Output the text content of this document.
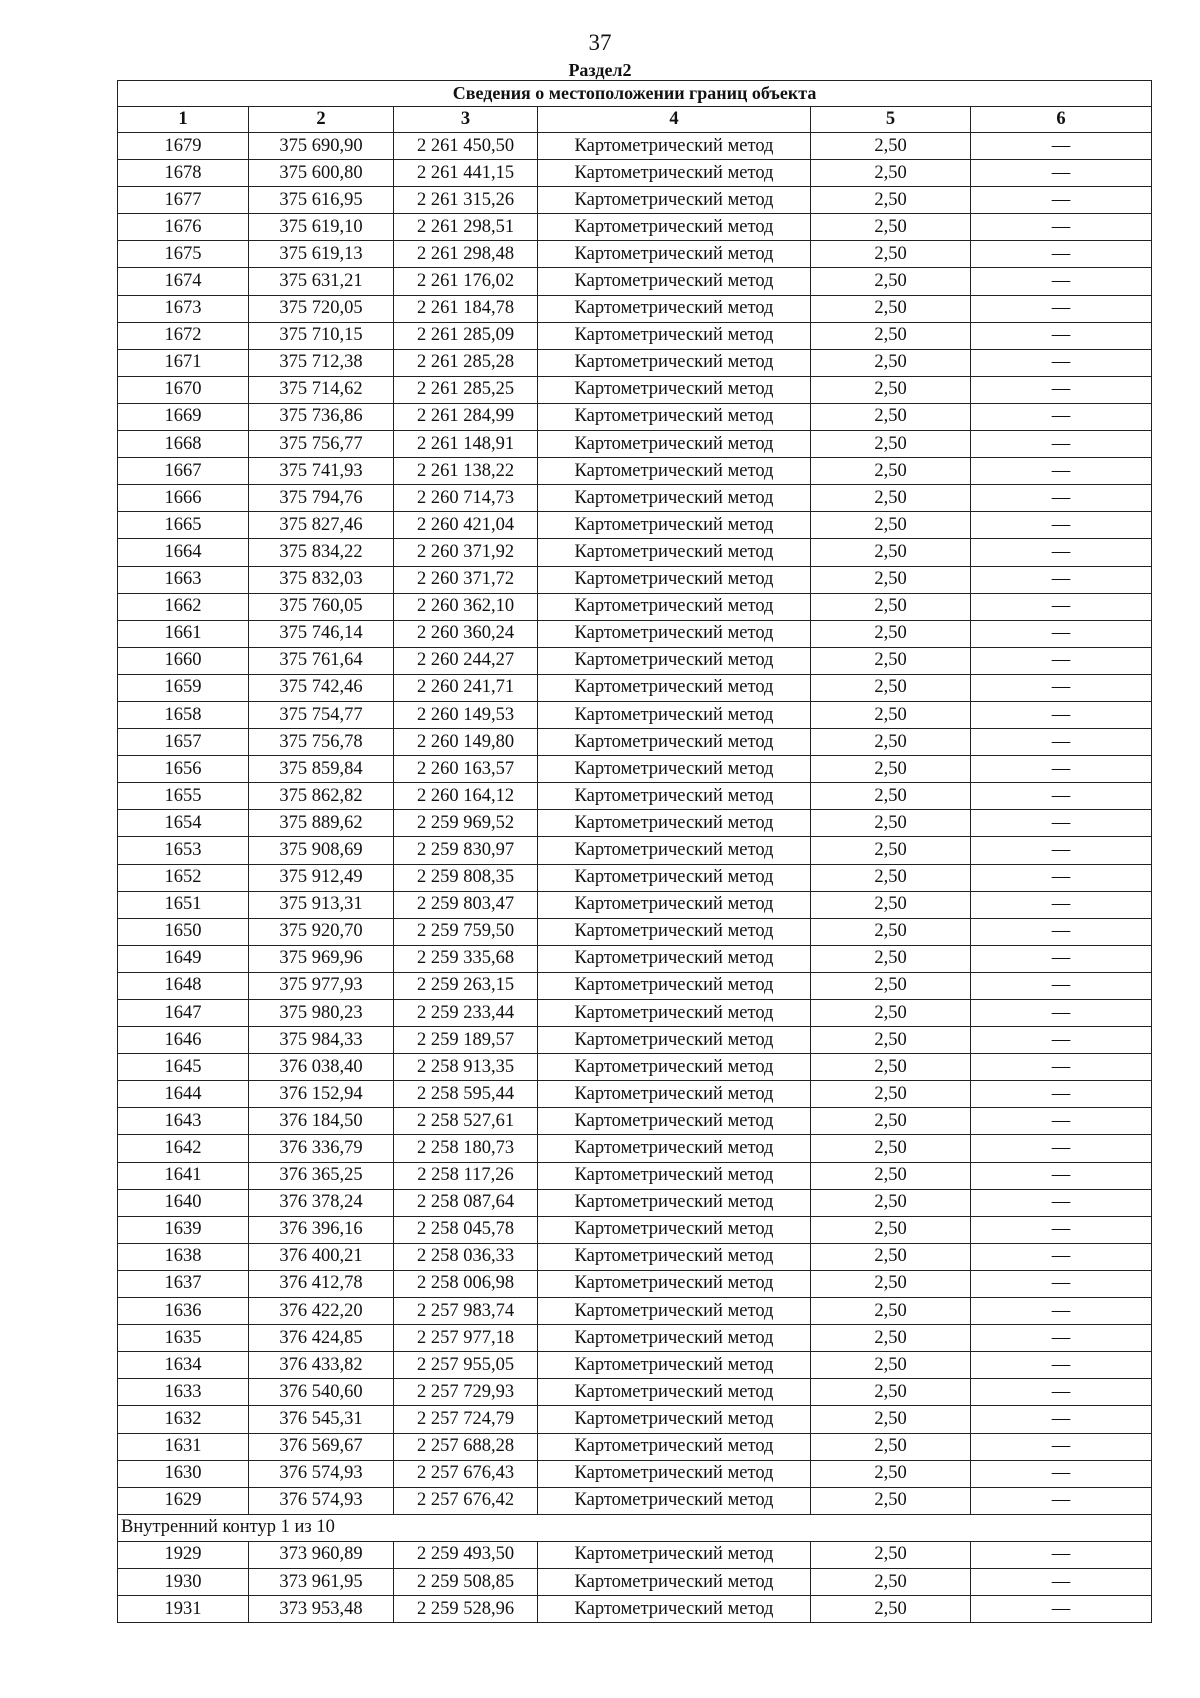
37
Раздел2
Сведения о местоположении границ объекта					
1	2	3	4	5	6
1679	375 690,90	2 261 450,50	Картометрический метод	2,50	—
1678	375 600,80	2 261 441,15	Картометрический метод	2,50	—
1677	375 616,95	2 261 315,26	Картометрический метод	2,50	—
1676	375 619,10	2 261 298,51	Картометрический метод	2,50	—
1675	375 619,13	2 261 298,48	Картометрический метод	2,50	—
1674	375 631,21	2 261 176,02	Картометрический метод	2,50	—
1673	375 720,05	2 261 184,78	Картометрический метод	2,50	—
1672	375 710,15	2 261 285,09	Картометрический метод	2,50	—
1671	375 712,38	2 261 285,28	Картометрический метод	2,50	—
1670	375 714,62	2 261 285,25	Картометрический метод	2,50	—
1669	375 736,86	2 261 284,99	Картометрический метод	2,50	—
1668	375 756,77	2 261 148,91	Картометрический метод	2,50	—
1667	375 741,93	2 261 138,22	Картометрический метод	2,50	—
1666	375 794,76	2 260 714,73	Картометрический метод	2,50	—
1665	375 827,46	2 260 421,04	Картометрический метод	2,50	—
1664	375 834,22	2 260 371,92	Картометрический метод	2,50	—
1663	375 832,03	2 260 371,72	Картометрический метод	2,50	—
1662	375 760,05	2 260 362,10	Картометрический метод	2,50	—
1661	375 746,14	2 260 360,24	Картометрический метод	2,50	—
1660	375 761,64	2 260 244,27	Картометрический метод	2,50	—
1659	375 742,46	2 260 241,71	Картометрический метод	2,50	—
1658	375 754,77	2 260 149,53	Картометрический метод	2,50	—
1657	375 756,78	2 260 149,80	Картометрический метод	2,50	—
1656	375 859,84	2 260 163,57	Картометрический метод	2,50	—
1655	375 862,82	2 260 164,12	Картометрический метод	2,50	—
1654	375 889,62	2 259 969,52	Картометрический метод	2,50	—
1653	375 908,69	2 259 830,97	Картометрический метод	2,50	—
1652	375 912,49	2 259 808,35	Картометрический метод	2,50	—
1651	375 913,31	2 259 803,47	Картометрический метод	2,50	—
1650	375 920,70	2 259 759,50	Картометрический метод	2,50	—
1649	375 969,96	2 259 335,68	Картометрический метод	2,50	—
1648	375 977,93	2 259 263,15	Картометрический метод	2,50	—
1647	375 980,23	2 259 233,44	Картометрический метод	2,50	—
1646	375 984,33	2 259 189,57	Картометрический метод	2,50	—
1645	376 038,40	2 258 913,35	Картометрический метод	2,50	—
1644	376 152,94	2 258 595,44	Картометрический метод	2,50	—
1643	376 184,50	2 258 527,61	Картометрический метод	2,50	—
1642	376 336,79	2 258 180,73	Картометрический метод	2,50	—
1641	376 365,25	2 258 117,26	Картометрический метод	2,50	—
1640	376 378,24	2 258 087,64	Картометрический метод	2,50	—
1639	376 396,16	2 258 045,78	Картометрический метод	2,50	—
1638	376 400,21	2 258 036,33	Картометрический метод	2,50	—
1637	376 412,78	2 258 006,98	Картометрический метод	2,50	—
1636	376 422,20	2 257 983,74	Картометрический метод	2,50	—
1635	376 424,85	2 257 977,18	Картометрический метод	2,50	—
1634	376 433,82	2 257 955,05	Картометрический метод	2,50	—
1633	376 540,60	2 257 729,93	Картометрический метод	2,50	—
1632	376 545,31	2 257 724,79	Картометрический метод	2,50	—
1631	376 569,67	2 257 688,28	Картометрический метод	2,50	—
1630	376 574,93	2 257 676,43	Картометрический метод	2,50	—
1629	376 574,93	2 257 676,42	Картометрический метод	2,50	—
Внутренний контур 1 из 10					
1929	373 960,89	2 259 493,50	Картометрический метод	2,50	—
1930	373 961,95	2 259 508,85	Картометрический метод	2,50	—
1931	373 953,48	2 259 528,96	Картометрический метод	2,50	—
